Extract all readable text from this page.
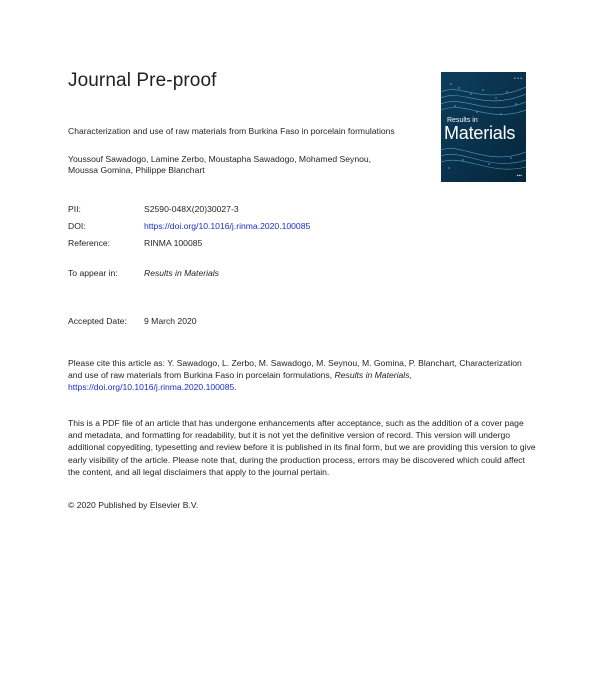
Journal Pre-proof	• • •
Results in
Materials
▪▪▪
Characterization and use of raw materials from Burkina Faso in porcelain formulations
Youssouf Sawadogo, Lamine Zerbo, Moustapha Sawadogo, Mohamed Seynou,
Moussa Gomina, Philippe Blanchart
PII:	S2590-048X(20)30027-3
DOI:	https://doi.org/10.1016/j.rinma.2020.100085
Reference:	RINMA 100085
To appear in:	Results in Materials
Accepted Date: 9 March 2020
Please cite this article as: Y. Sawadogo, L. Zerbo, M. Sawadogo, M. Seynou, M. Gomina, P. Blanchart, Characterization and use of raw materials from Burkina Faso in porcelain formulations, Results in Materials, https://doi.org/10.1016/j.rinma.2020.100085.
This is a PDF file of an article that has undergone enhancements after acceptance, such as the addition of a cover page and metadata, and formatting for readability, but it is not yet the definitive version of record. This version will undergo additional copyediting, typesetting and review before it is published in its final form, but we are providing this version to give early visibility of the article. Please note that, during the production process, errors may be discovered which could affect the content, and all legal disclaimers that apply to the journal pertain.
© 2020 Published by Elsevier B.V.
